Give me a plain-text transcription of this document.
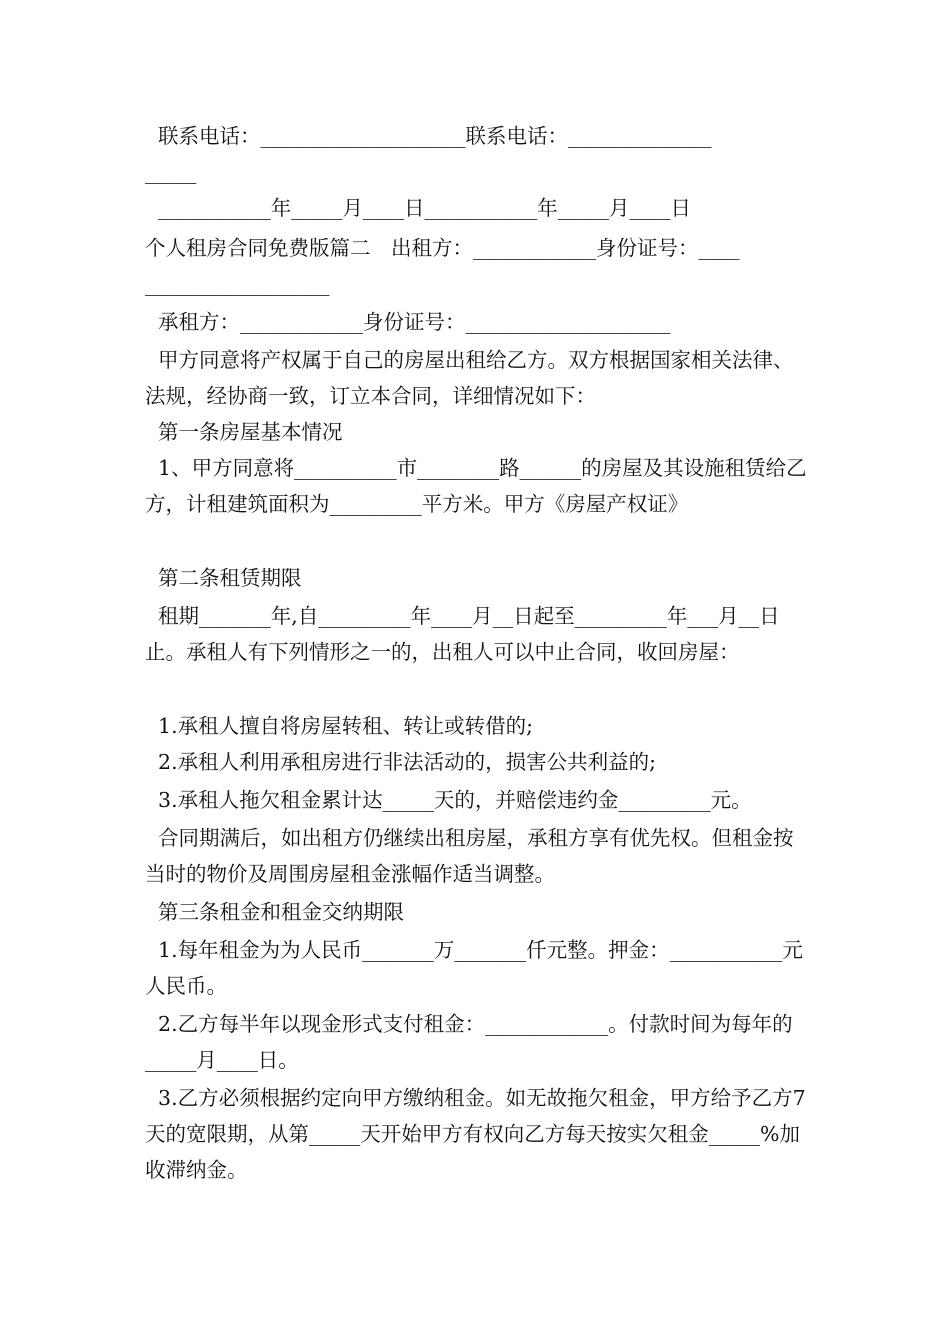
联系电话：____________________联系电话：______________
_____
___________年_____月____日___________年_____月____日
个人租房合同免费版篇二　出租方：____________身份证号：____
__________________
承租方：____________身份证号：____________________

甲方同意将产权属于自己的房屋出租给乙方。双方根据国家相关法律、法规，经协商一致，订立本合同，详细情况如下：

第一条房屋基本情况

1、甲方同意将__________市________路______的房屋及其设施租赁给乙方，计租建筑面积为_________平方米。甲方《房屋产权证》

第二条租赁期限

租期_______年,自_________年____月__日起至_________年___月__日止。承租人有下列情形之一的，出租人可以中止合同，收回房屋：

1.承租人擅自将房屋转租、转让或转借的;
2.承租人利用承租房进行非法活动的，损害公共利益的;
3.承租人拖欠租金累计达_____天的，并赔偿违约金_________元。

合同期满后，如出租方仍继续出租房屋，承租方享有优先权。但租金按当时的物价及周围房屋租金涨幅作适当调整。

第三条租金和租金交纳期限

1.每年租金为为人民币_______万_______仟元整。押金：___________元人民币。

2.乙方每半年以现金形式支付租金：____________。付款时间为每年的_____月____日。

3.乙方必须根据约定向甲方缴纳租金。如无故拖欠租金，甲方给予乙方7天的宽限期，从第_____天开始甲方有权向乙方每天按实欠租金_____%加收滞纳金。
